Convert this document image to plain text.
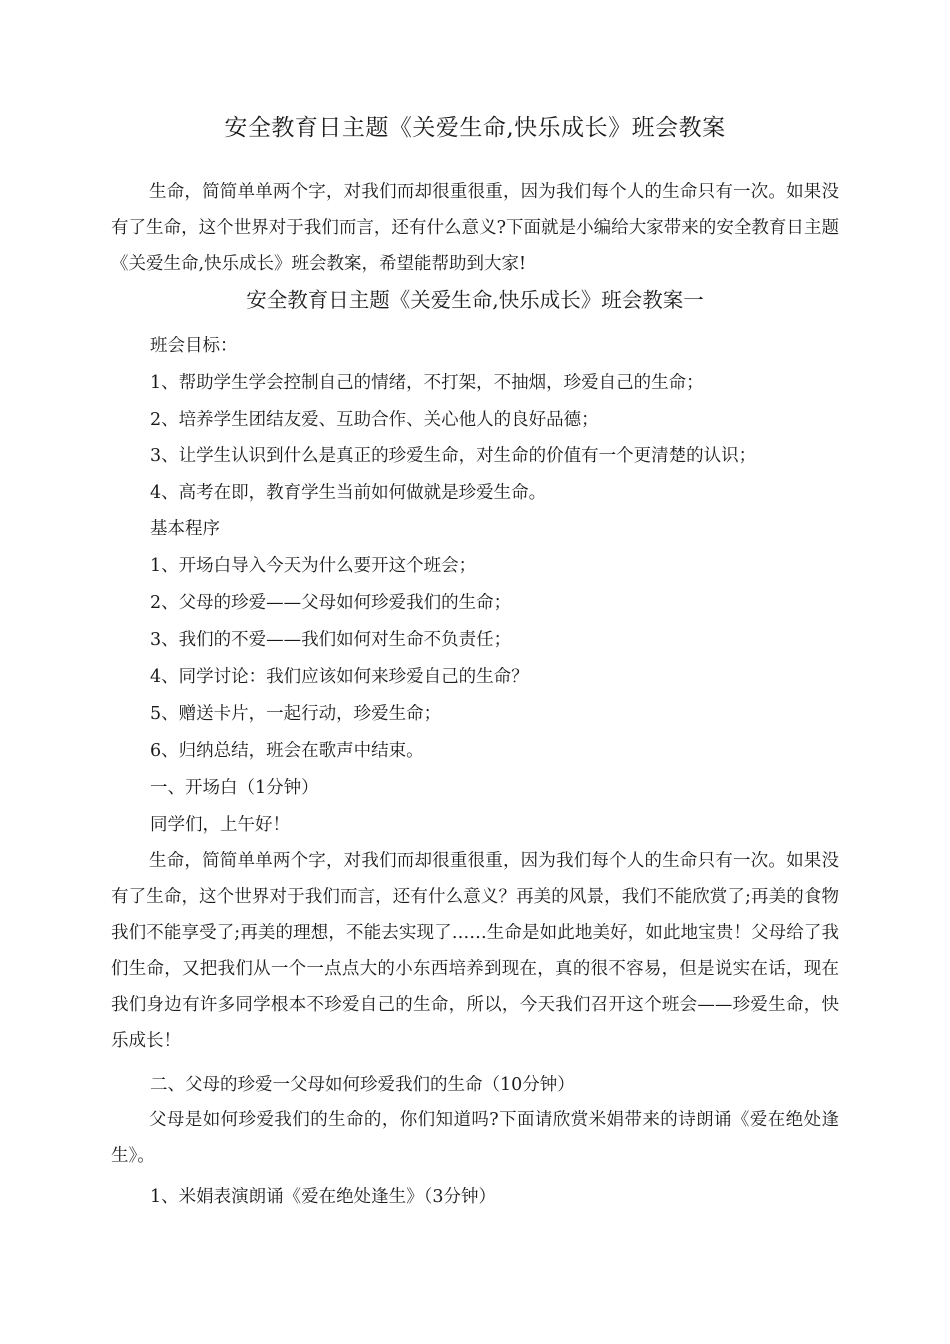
安全教育日主题《关爱生命,快乐成长》班会教案
生命，简简单单两个字，对我们而却很重很重，因为我们每个人的生命只有一次。如果没有了生命，这个世界对于我们而言，还有什么意义?下面就是小编给大家带来的安全教育日主题《关爱生命,快乐成长》班会教案，希望能帮助到大家!
安全教育日主题《关爱生命,快乐成长》班会教案一
班会目标：
1、帮助学生学会控制自己的情绪，不打架，不抽烟，珍爱自己的生命；
2、培养学生团结友爱、互助合作、关心他人的良好品德；
3、让学生认识到什么是真正的珍爱生命，对生命的价值有一个更清楚的认识；
4、高考在即，教育学生当前如何做就是珍爱生命。
基本程序
1、开场白导入今天为什么要开这个班会；
2、父母的珍爱——父母如何珍爱我们的生命；
3、我们的不爱——我们如何对生命不负责任；
4、同学讨论：我们应该如何来珍爱自己的生命？
5、赠送卡片，一起行动，珍爱生命；
6、归纳总结，班会在歌声中结束。
一、开场白（1分钟）
同学们，上午好！
生命，简简单单两个字，对我们而却很重很重，因为我们每个人的生命只有一次。如果没有了生命，这个世界对于我们而言，还有什么意义？再美的风景，我们不能欣赏了;再美的食物我们不能享受了;再美的理想，不能去实现了……生命是如此地美好，如此地宝贵！父母给了我们生命，又把我们从一个一点点大的小东西培养到现在，真的很不容易，但是说实在话，现在我们身边有许多同学根本不珍爱自己的生命，所以，今天我们召开这个班会——珍爱生命，快乐成长！
二、父母的珍爱一父母如何珍爱我们的生命（10分钟）
父母是如何珍爱我们的生命的，你们知道吗?下面请欣赏米娟带来的诗朗诵《爱在绝处逢生》。
1、米娟表演朗诵《爱在绝处逢生》（3分钟）
